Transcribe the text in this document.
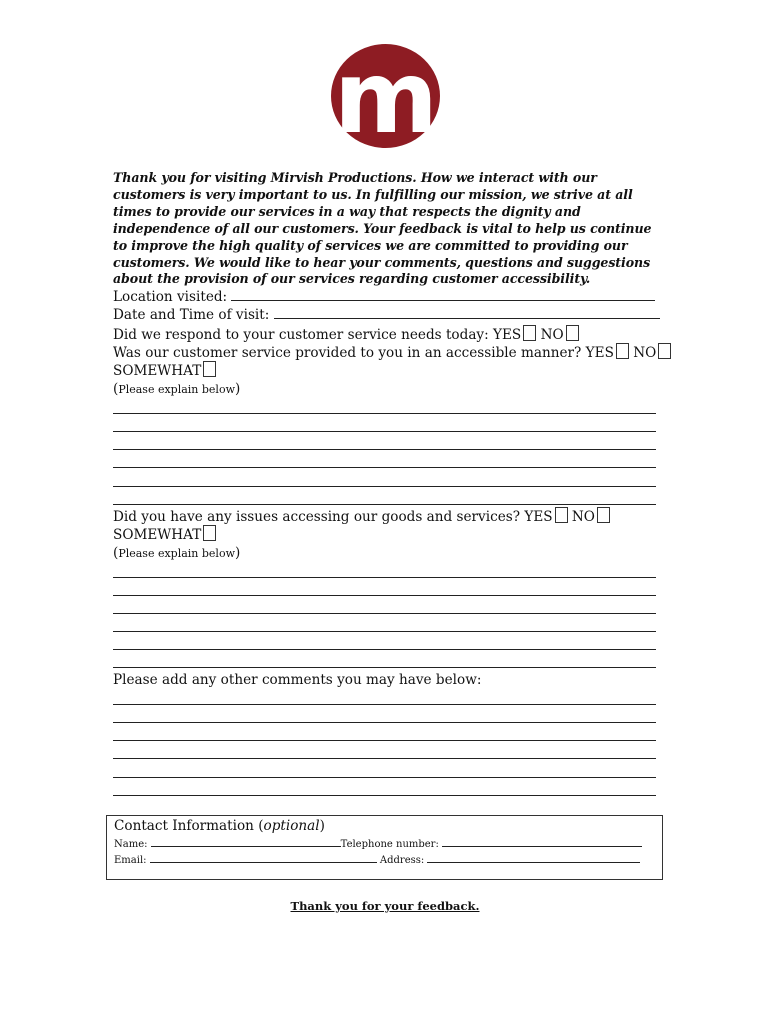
m
Thank you for visiting Mirvish Productions. How we interact with our customers is very important to us. In fulfilling our mission, we strive at all times to provide our services in a way that respects the dignity and independence of all our customers. Your feedback is vital to help us continue to improve the high quality of services we are committed to providing our customers. We would like to hear your comments, questions and suggestions about the provision of our services regarding customer accessibility.
Location visited:
Date and Time of visit:
Did we respond to your customer service needs today: YES NO
Was our customer service provided to you in an accessible manner? YES NO
SOMEWHAT
(Please explain below)
Did you have any issues accessing our goods and services? YES NO
SOMEWHAT
(Please explain below)
Please add any other comments you may have below:
Contact Information (optional)
Name:	Telephone number:
Email:	Address:
Thank you for your feedback.
